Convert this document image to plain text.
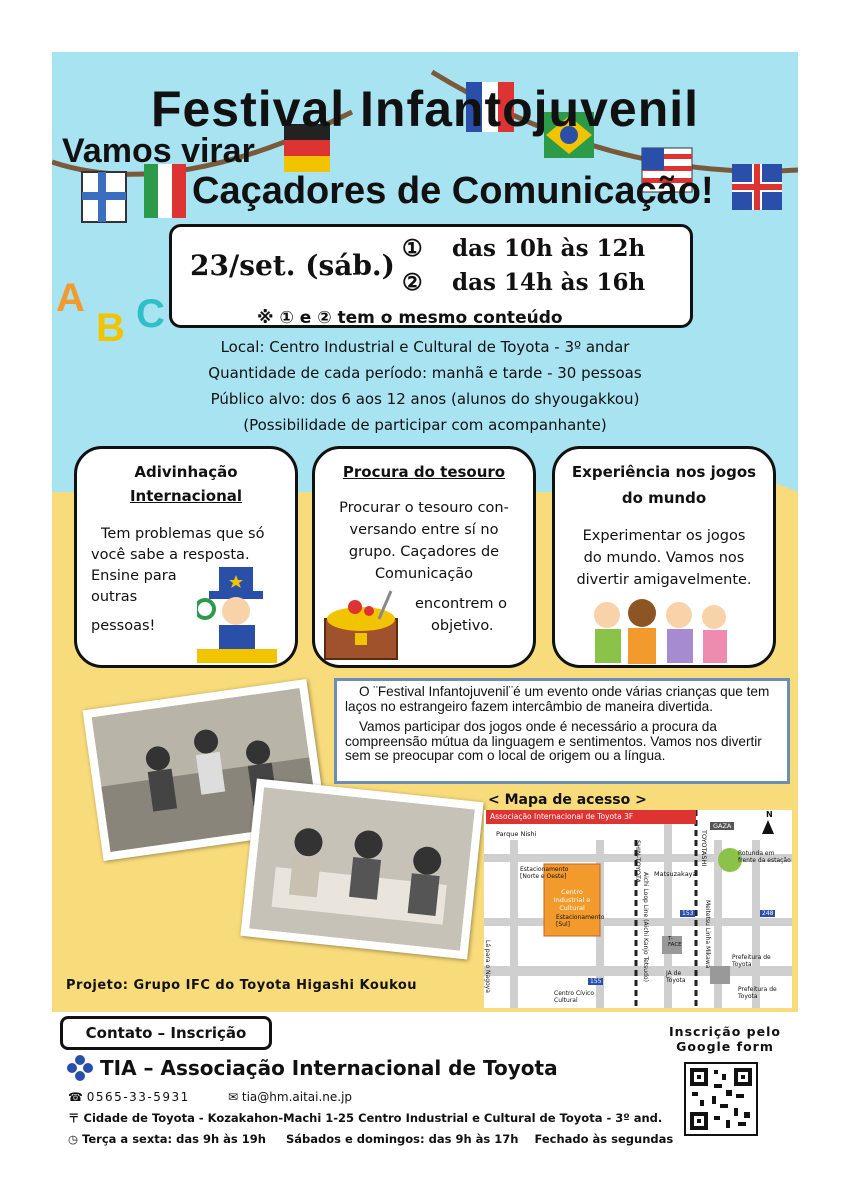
Festival Infantojuvenil
Vamos virar
Caçadores de Comunicação!
A
B C
23/set. (sáb.)
① das 10h às 12h
② das 14h às 16h
※ ① e ② tem o mesmo conteúdo
Local: Centro Industrial e Cultural de Toyota - 3º andar
Quantidade de cada período: manhã e tarde - 30 pessoas
Público alvo: dos 6 aos 12 anos (alunos do shyougakkou)
(Possibilidade de participar com acompanhante)
Adivinhação
Internacional

Tem problemas que só

você sabe a resposta.

Ensine para

outras

pessoas!

Procura do tesouro

Procurar o tesouro con-

versando entre sí no

grupo. Caçadores de

Comunicação

encontrem o

objetivo.

Experiência nos jogos
do mundo

Experimentar os jogos

do mundo. Vamos nos

divertir amigavelmente.

O ¨Festival Infantojuvenil¨é um evento onde várias crianças que tem laços no estrangeiro fazem intercâmbio de maneira divertida.

Vamos participar dos jogos onde é necessário a procura da compreensão mútua da linguagem e sentimentos. Vamos nos divertir sem se preocupar com o local de origem ou a língua.

< Mapa de acesso >
Associação Internacional de Toyota 3F
Parque Nishi
Estacionamento [Norte e Oeste]
Centro Industrial e Cultural
Estacionamento [Sul]
SHIN-TOYOTA	TOYOTASHI
Matsuzakaya
GAZA
Rotunda em frente da estação
Prefeitura de Toyota
Prefeitura de Toyota
Centro Cívico Cultural
155
248
153
Aichi Loop Line (Aichi Kanjo Tetsudo)	Meitetsu Linha Mikawa
JA de Toyota
T-FACE
N
Lá para o Nagoya
Projeto: Grupo IFC do Toyota Higashi Koukou
Contato – Inscrição
TIA – Associação Internacional de Toyota
☎ 0565-33-5931	✉ tia@hm.aitai.ne.jp
〒 Cidade de Toyota - Kozakahon-Machi 1-25 Centro Industrial e Cultural de Toyota - 3º and.
◷ Terça a sexta: das 9h às 19h     Sábados e domingos: das 9h às 17h    Fechado às segundas
Inscrição pelo
Google form
